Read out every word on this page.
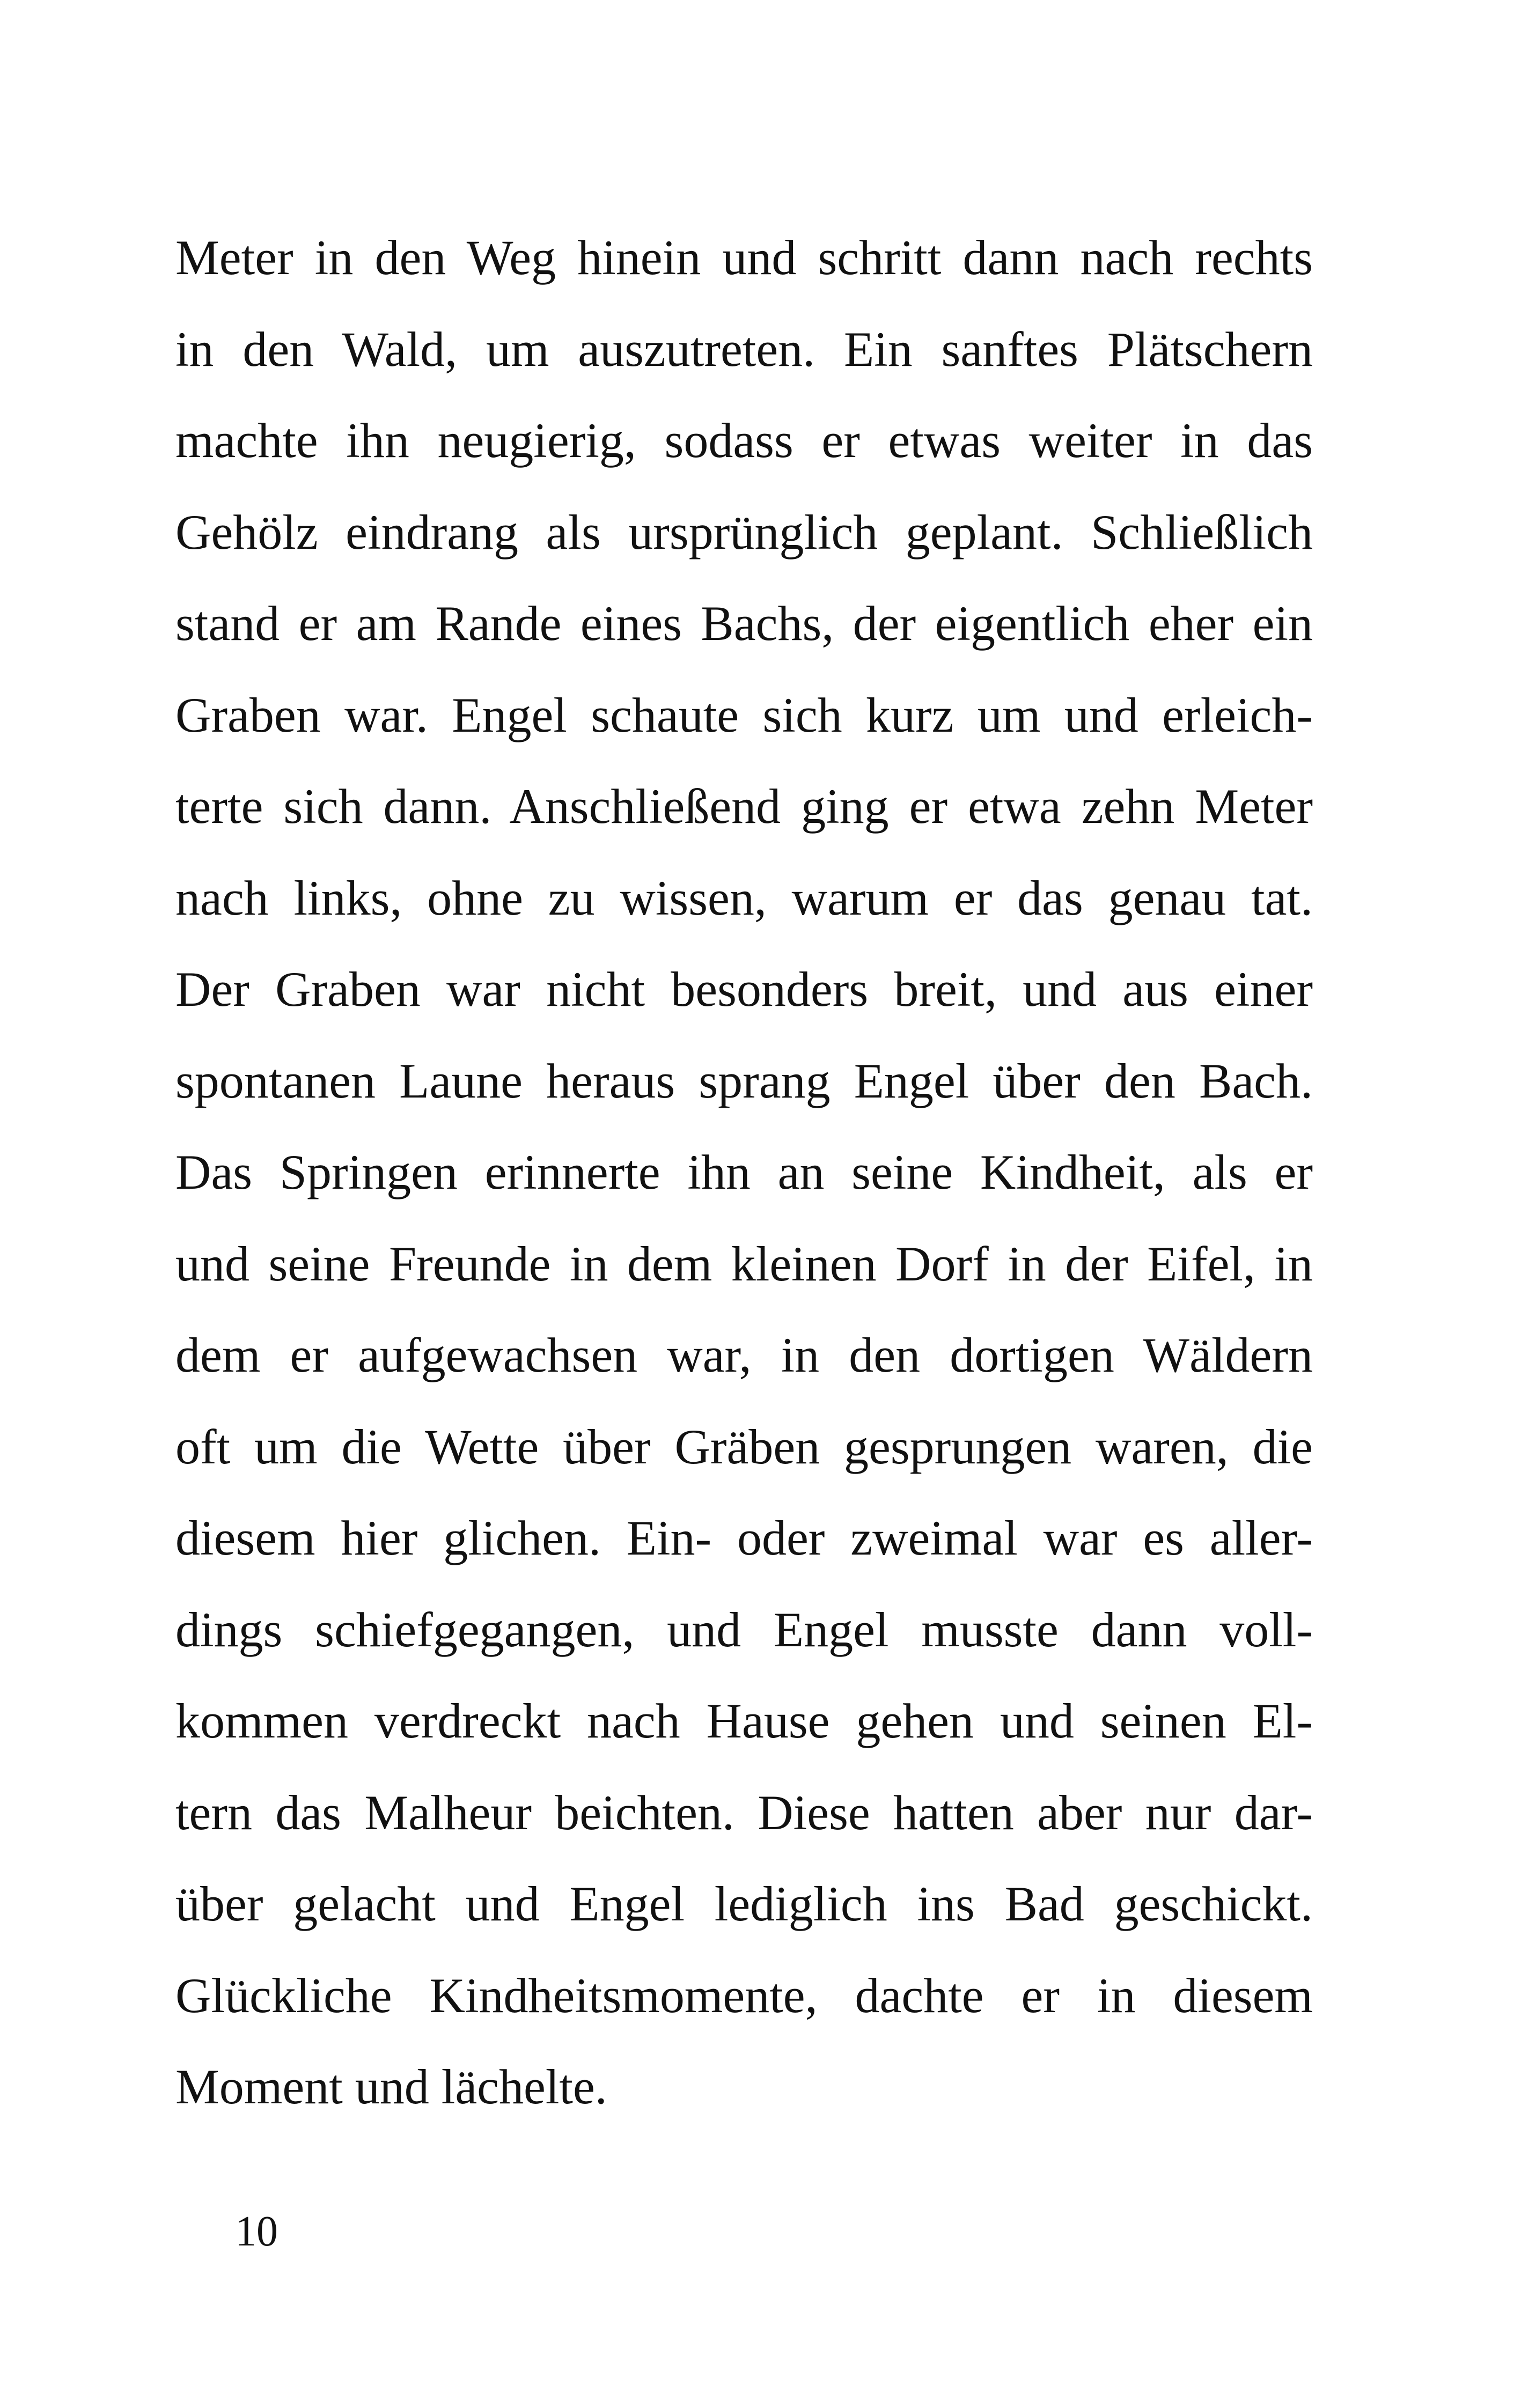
Meter in den Weg hinein und schritt dann nach rechts
in den Wald, um auszutreten. Ein sanftes Plätschern
machte ihn neugierig, sodass er etwas weiter in das
Gehölz eindrang als ursprünglich geplant. Schließlich
stand er am Rande eines Bachs, der eigentlich eher ein
Graben war. Engel schaute sich kurz um und erleich-
terte sich dann. Anschließend ging er etwa zehn Meter
nach links, ohne zu wissen, warum er das genau tat.
Der Graben war nicht besonders breit, und aus einer
spontanen Laune heraus sprang Engel über den Bach.
Das Springen erinnerte ihn an seine Kindheit, als er
und seine Freunde in dem kleinen Dorf in der Eifel, in
dem er aufgewachsen war, in den dortigen Wäldern
oft um die Wette über Gräben gesprungen waren, die
diesem hier glichen. Ein- oder zweimal war es aller-
dings schiefgegangen, und Engel musste dann voll-
kommen verdreckt nach Hause gehen und seinen El-
tern das Malheur beichten. Diese hatten aber nur dar-
über gelacht und Engel lediglich ins Bad geschickt.
Glückliche Kindheitsmomente, dachte er in diesem
Moment und lächelte.
10
